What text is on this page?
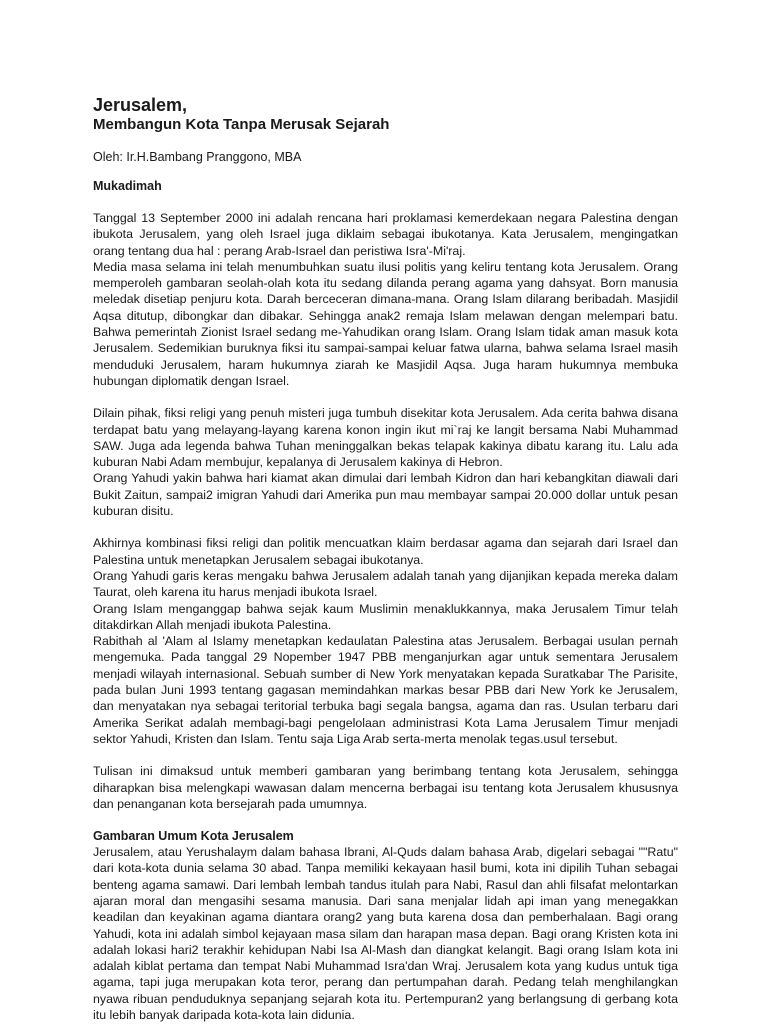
Jerusalem,
Membangun Kota Tanpa Merusak Sejarah

Oleh: Ir.H.Bambang Pranggono, MBA

Mukadimah

Tanggal 13 September 2000 ini adalah rencana hari proklamasi kemerdekaan negara Palestina dengan ibukota Jerusalem, yang oleh Israel juga diklaim sebagai ibukotanya. Kata Jerusalem, mengingatkan orang tentang dua hal : perang Arab-Israel dan peristiwa Isra'-Mi'raj.

Media masa selama ini telah menumbuhkan suatu ilusi politis yang keliru tentang kota Jerusalem. Orang memperoleh gambaran seolah-olah kota itu sedang dilanda perang agama yang dahsyat. Born manusia meledak disetiap penjuru kota. Darah berceceran dimana-mana. Orang Islam dilarang beribadah. Masjidil Aqsa ditutup, dibongkar dan dibakar. Sehingga anak2 remaja Islam melawan dengan melempari batu. Bahwa pemerintah Zionist Israel sedang me-Yahudikan orang Islam. Orang Islam tidak aman masuk kota Jerusalem. Sedemikian buruknya fiksi itu sampai-sampai keluar fatwa ularna, bahwa selama Israel masih menduduki Jerusalem, haram hukumnya ziarah ke Masjidil Aqsa. Juga haram hukumnya membuka hubungan diplomatik dengan Israel.

Dilain pihak, fiksi religi yang penuh misteri juga tumbuh disekitar kota Jerusalem. Ada cerita bahwa disana terdapat batu yang melayang-layang karena konon ingin ikut mi`raj ke langit bersama Nabi Muhammad SAW. Juga ada legenda bahwa Tuhan meninggalkan bekas telapak kakinya dibatu karang itu. Lalu ada kuburan Nabi Adam membujur, kepalanya di Jerusalem kakinya di Hebron.

Orang Yahudi yakin bahwa hari kiamat akan dimulai dari lembah Kidron dan hari kebangkitan diawali dari Bukit Zaitun, sampai2 imigran Yahudi dari Amerika pun mau membayar sampai 20.000 dollar untuk pesan kuburan disitu.

Akhirnya kombinasi fiksi religi dan politik mencuatkan klaim berdasar agama dan sejarah dari Israel dan Palestina untuk menetapkan Jerusalem sebagai ibukotanya.

Orang Yahudi garis keras mengaku bahwa Jerusalem adalah tanah yang dijanjikan kepada mereka dalam Taurat, oleh karena itu harus menjadi ibukota Israel.

Orang Islam menganggap bahwa sejak kaum Muslimin menaklukkannya, maka Jerusalem Timur telah ditakdirkan Allah menjadi ibukota Palestina.

Rabithah al 'Alam al Islamy menetapkan kedaulatan Palestina atas Jerusalem. Berbagai usulan pernah mengemuka. Pada tanggal 29 Nopember 1947 PBB menganjurkan agar untuk sementara Jerusalem menjadi wilayah internasional. Sebuah sumber di New York menyatakan kepada Suratkabar The Parisite, pada bulan Juni 1993 tentang gagasan memindahkan markas besar PBB dari New York ke Jerusalem, dan menyatakan nya sebagai teritorial terbuka bagi segala bangsa, agama dan ras. Usulan terbaru dari Amerika Serikat adalah membagi-bagi pengelolaan administrasi Kota Lama Jerusalem Timur menjadi sektor Yahudi, Kristen dan Islam. Tentu saja Liga Arab serta-merta menolak tegas.usul tersebut.

Tulisan ini dimaksud untuk memberi gambaran yang berimbang tentang kota Jerusalem, sehingga diharapkan bisa melengkapi wawasan dalam mencerna berbagai isu tentang kota Jerusalem khususnya dan penanganan kota bersejarah pada umumnya.

Gambaran Umum Kota Jerusalem

Jerusalem, atau Yerushalaym dalam bahasa Ibrani, Al-Quds dalam bahasa Arab, digelari sebagai ""Ratu" dari kota-kota dunia selama 30 abad. Tanpa memiliki kekayaan hasil bumi, kota ini dipilih Tuhan sebagai benteng agama samawi. Dari lembah lembah tandus itulah para Nabi, Rasul dan ahli filsafat melontarkan ajaran moral dan mengasihi sesama manusia. Dari sana menjalar lidah api iman yang menegakkan keadilan dan keyakinan agama diantara orang2 yang buta karena dosa dan pemberhalaan. Bagi orang Yahudi, kota ini adalah simbol kejayaan masa silam dan harapan masa depan. Bagi orang Kristen kota ini adalah lokasi hari2 terakhir kehidupan Nabi Isa Al-Mash dan diangkat kelangit. Bagi orang Islam kota ini adalah kiblat pertama dan tempat Nabi Muhammad Isra'dan Wraj. Jerusalem kota yang kudus untuk tiga agama, tapi juga merupakan kota teror, perang dan pertumpahan darah. Pedang telah menghilangkan nyawa ribuan penduduknya sepanjang sejarah kota itu. Pertempuran2 yang berlangsung di gerbang kota itu lebih banyak daripada kota-kota lain didunia.
